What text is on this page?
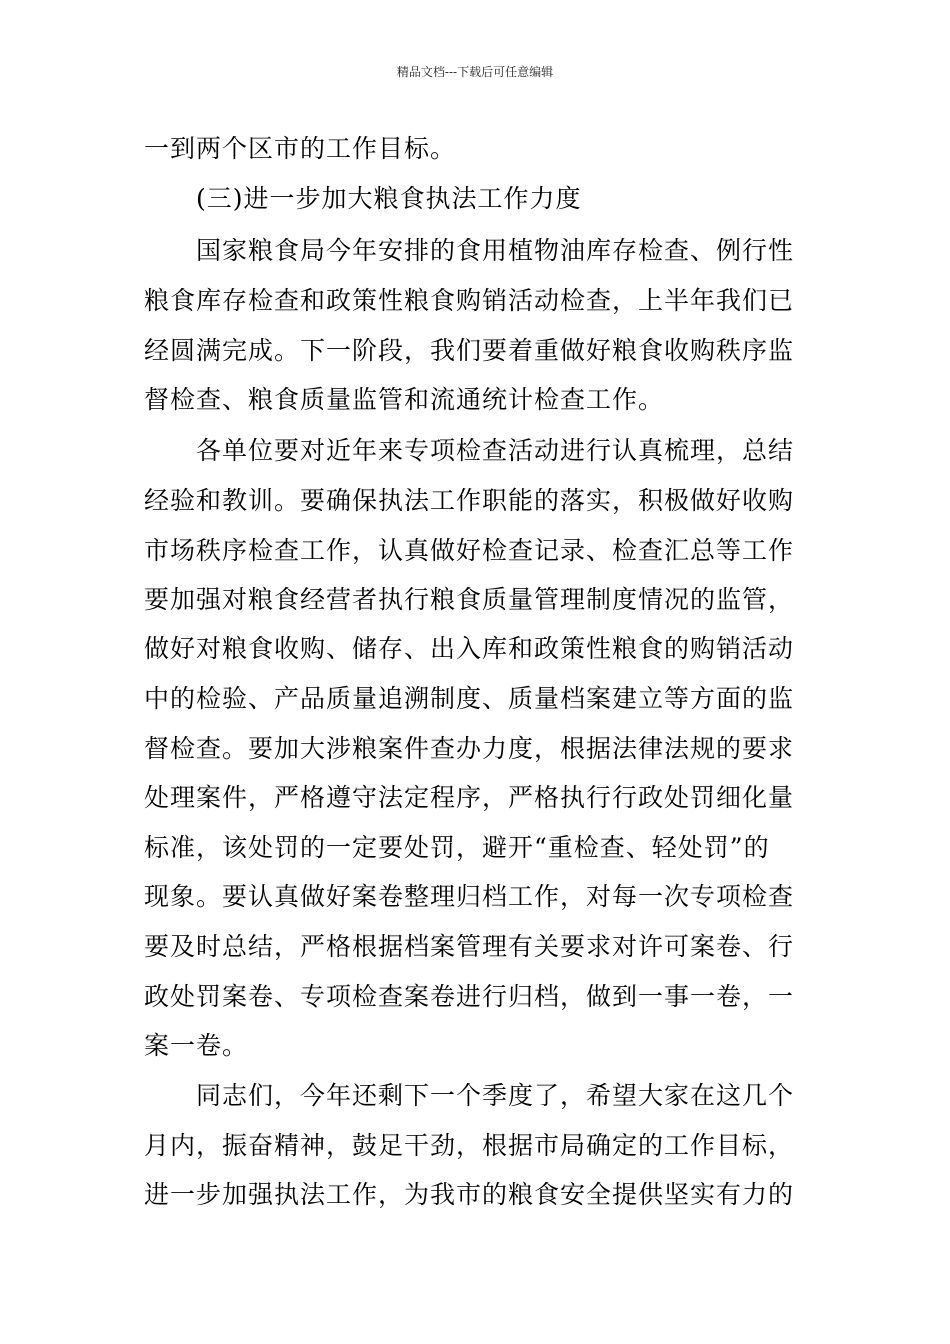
精品文档---下载后可任意编辑
一到两个区市的工作目标。
(三)进一步加大粮食执法工作力度
国家粮食局今年安排的食用植物油库存检查、例行性
粮食库存检查和政策性粮食购销活动检查，上半年我们已
经圆满完成。下一阶段，我们要着重做好粮食收购秩序监
督检查、粮食质量监管和流通统计检查工作。
各单位要对近年来专项检查活动进行认真梳理，总结
经验和教训。要确保执法工作职能的落实，积极做好收购
市场秩序检查工作，认真做好检查记录、检查汇总等工作
要加强对粮食经营者执行粮食质量管理制度情况的监管，
做好对粮食收购、储存、出入库和政策性粮食的购销活动
中的检验、产品质量追溯制度、质量档案建立等方面的监
督检查。要加大涉粮案件查办力度，根据法律法规的要求
处理案件，严格遵守法定程序，严格执行行政处罚细化量
标准，该处罚的一定要处罚，避开“重检查、轻处罚”的
现象。要认真做好案卷整理归档工作，对每一次专项检查
要及时总结，严格根据档案管理有关要求对许可案卷、行
政处罚案卷、专项检查案卷进行归档，做到一事一卷，一
案一卷。
同志们，今年还剩下一个季度了，希望大家在这几个
月内，振奋精神，鼓足干劲，根据市局确定的工作目标，
进一步加强执法工作，为我市的粮食安全提供坚实有力的
